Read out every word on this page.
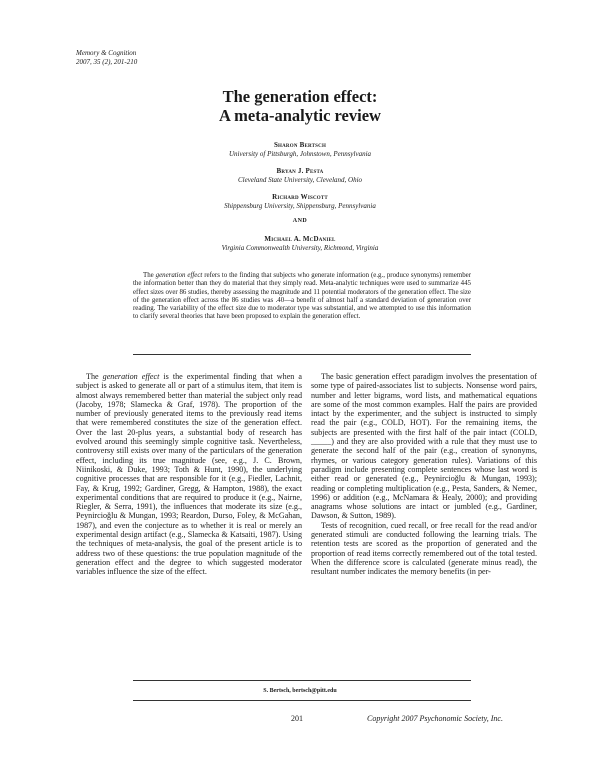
Memory & Cognition
2007, 35 (2), 201-210
The generation effect:
A meta-analytic review
Sharon Bertsch
University of Pittsburgh, Johnstown, Pennsylvania
Bryan J. Pesta
Cleveland State University, Cleveland, Ohio
Richard Wiscott
Shippensburg University, Shippensburg, Pennsylvania
AND
Michael A. McDaniel
Virginia Commonwealth University, Richmond, Virginia
The generation effect refers to the finding that subjects who generate information (e.g., produce synonyms) remember the information better than they do material that they simply read. Meta-analytic techniques were used to summarize 445 effect sizes over 86 studies, thereby assessing the magnitude and 11 potential moderators of the generation effect. The size of the generation effect across the 86 studies was .40—a benefit of almost half a standard deviation of generation over reading. The variability of the effect size due to moderator type was substantial, and we attempted to use this information to clarify several theories that have been proposed to explain the generation effect.

The generation effect is the experimental finding that when a subject is asked to generate all or part of a stimulus item, that item is almost always remembered better than material the subject only read (Jacoby, 1978; Slamecka & Graf, 1978). The proportion of the number of previously generated items to the previously read items that were remembered constitutes the size of the generation effect. Over the last 20-plus years, a substantial body of research has evolved around this seemingly simple cognitive task. Nevertheless, controversy still exists over many of the particulars of the generation effect, including its true magnitude (see, e.g., J. C. Brown, Niinikoski, & Duke, 1993; Toth & Hunt, 1990), the underlying cognitive processes that are responsible for it (e.g., Fiedler, Lachnit, Fay, & Krug, 1992; Gardiner, Gregg, & Hampton, 1988), the exact experimental conditions that are required to produce it (e.g., Nairne, Riegler, & Serra, 1991), the influences that moderate its size (e.g., Peynircioğlu & Mungan, 1993; Reardon, Durso, Foley, & McGahan, 1987), and even the conjecture as to whether it is real or merely an experimental design artifact (e.g., Slamecka & Katsaiti, 1987). Using the techniques of meta-analysis, the goal of the present article is to address two of these questions: the true population magnitude of the generation effect and the degree to which suggested moderator variables influence the size of the effect.

The basic generation effect paradigm involves the presentation of some type of paired-associates list to subjects. Nonsense word pairs, number and letter bigrams, word lists, and mathematical equations are some of the most common examples. Half the pairs are provided intact by the experimenter, and the subject is instructed to simply read the pair (e.g., COLD, HOT). For the remaining items, the subjects are presented with the first half of the pair intact (COLD, _____) and they are also provided with a rule that they must use to generate the second half of the pair (e.g., creation of synonyms, rhymes, or various category generation rules). Variations of this paradigm include presenting complete sentences whose last word is either read or generated (e.g., Peynircioğlu & Mungan, 1993); reading or completing multiplication (e.g., Pesta, Sanders, & Nemec, 1996) or addition (e.g., McNamara & Healy, 2000); and providing anagrams whose solutions are intact or jumbled (e.g., Gardiner, Dawson, & Sutton, 1989).

Tests of recognition, cued recall, or free recall for the read and/or generated stimuli are conducted following the learning trials. The retention tests are scored as the proportion of generated and the proportion of read items correctly remembered out of the total tested. When the difference score is calculated (generate minus read), the resultant number indicates the memory benefits (in per-

S. Bertsch, bertsch@pitt.edu
201	Copyright 2007 Psychonomic Society, Inc.
